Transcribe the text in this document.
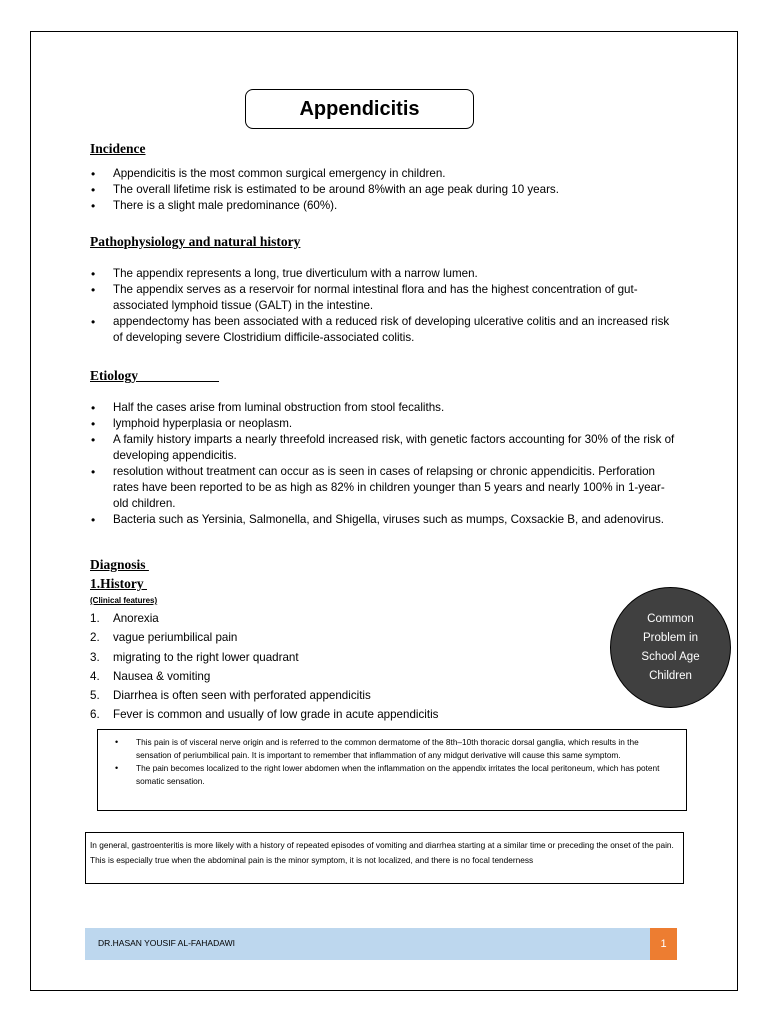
Appendicitis
Incidence
• Appendicitis is the most common surgical emergency in children.
• The overall lifetime risk is estimated to be around 8%with an age peak during 10 years.
• There is a slight male predominance (60%).
Pathophysiology and natural history
• The appendix represents a long, true diverticulum with a narrow lumen.
• The appendix serves as a reservoir for normal intestinal flora and has the highest concentration of gut-associated lymphoid tissue (GALT) in the intestine.
• appendectomy has been associated with a reduced risk of developing ulcerative colitis and an increased risk of developing severe Clostridium difficile-associated colitis.
Etiology
• Half the cases arise from luminal obstruction from stool fecaliths.
• lymphoid hyperplasia or neoplasm.
• A family history imparts a nearly threefold increased risk, with genetic factors accounting for 30% of the risk of developing appendicitis.
• resolution without treatment can occur as is seen in cases of relapsing or chronic appendicitis. Perforation rates have been reported to be as high as 82% in children younger than 5 years and nearly 100% in 1-year-old children.
• Bacteria such as Yersinia, Salmonella, and Shigella, viruses such as mumps, Coxsackie B, and adenovirus.
Diagnosis
1.History
(Clinical features)
1. Anorexia
2. vague periumbilical pain
3. migrating to the right lower quadrant
4. Nausea & vomiting
5. Diarrhea is often seen with perforated appendicitis
6. Fever is common and usually of low grade in acute appendicitis
Common Problem in School Age Children
• This pain is of visceral nerve origin and is referred to the common dermatome of the 8th–10th thoracic dorsal ganglia, which results in the sensation of periumbilical pain. It is important to remember that inflammation of any midgut derivative will cause this same symptom.
• The pain becomes localized to the right lower abdomen when the inflammation on the appendix irritates the local peritoneum, which has potent somatic sensation.
In general, gastroenteritis is more likely with a history of repeated episodes of vomiting and diarrhea starting at a similar time or preceding the onset of the pain. This is especially true when the abdominal pain is the minor symptom, it is not localized, and there is no focal tenderness
DR.HASAN YOUSIF AL-FAHADAWI	1
